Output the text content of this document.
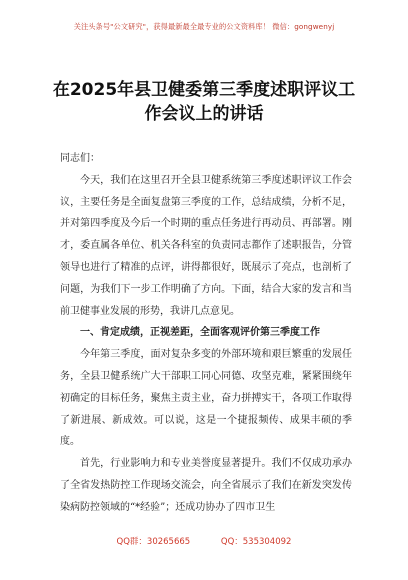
关注头条号"公文研究"，获得最新最全最专业的公文资料库！ 微信：gongwenyj
在2025年县卫健委第三季度述职评议工
作会议上的讲话

同志们：

今天，我们在这里召开全县卫健系统第三季度述职评议工作会议，主要任务是全面复盘第三季度的工作，总结成绩，分析不足，并对第四季度及今后一个时期的重点任务进行再动员、再部署。刚才，委直属各单位、机关各科室的负责同志都作了述职报告，分管领导也进行了精准的点评，讲得都很好，既展示了亮点，也剖析了问题，为我们下一步工作明确了方向。下面，结合大家的发言和当前卫健事业发展的形势，我讲几点意见。

一、肯定成绩，正视差距，全面客观评价第三季度工作

今年第三季度，面对复杂多变的外部环境和艰巨繁重的发展任务，全县卫健系统广大干部职工同心同德、攻坚克难，紧紧围绕年初确定的目标任务，聚焦主责主业，奋力拼搏实干，各项工作取得了新进展、新成效。可以说，这是一个捷报频传、成果丰硕的季度。

首先，行业影响力和专业美誉度显著提升。我们不仅成功承办了全省发热防控工作现场交流会，向全省展示了我们在新发突发传染病防控领域的“*经验”；还成功协办了四市卫生

QQ群：30265665	QQ：535304092
